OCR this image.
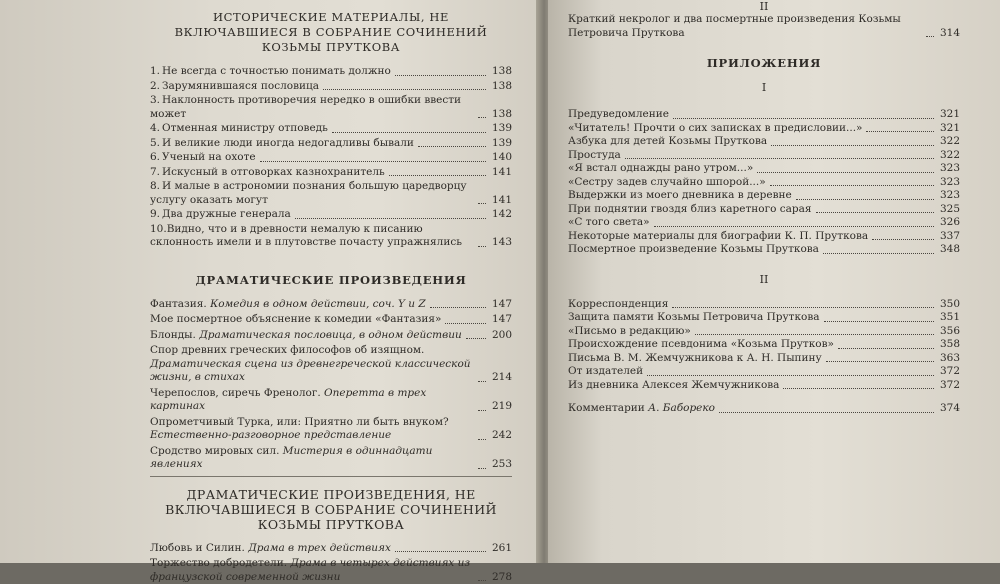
ИСТОРИЧЕСКИЕ МАТЕРИАЛЫ, НЕ ВКЛЮЧАВШИЕСЯ В СОБРАНИЕ СОЧИНЕНИЙ КОЗЬМЫ ПРУТКОВА
1.Не всегда с точностью понимать должно	138
2.Зарумянившаяся пословица	138
3.Наклонность противоречия нередко в ошибки ввести может	138
4.Отменная министру отповедь	139
5.И великие люди иногда недогадливы бывали	139
6.Ученый на охоте	140
7.Искусный в отговорках казнохранитель	141
8.И малые в астрономии познания большую царедворцу услугу оказать могут	141
9.Два дружные генерала	142
10.Видно, что и в древности немалую к писанию склонность имели и в плутовстве почасту упражнялись	143
ДРАМАТИЧЕСКИЕ ПРОИЗВЕДЕНИЯ
Фантазия. Комедия в одном действии, соч. Y и Z	147
Мое посмертное объяснение к комедии «Фантазия»	147
Блонды. Драматическая пословица, в одном действии	200
Спор древних греческих философов об изящном. Драматическая сцена из древнегреческой классической жизни, в стихах	214
Черепослов, сиречь Френолог. Оперетта в трех картинах	219
Опрометчивый Турка, или: Приятно ли быть внуком? Естественно-разговорное представление	242
Сродство мировых сил. Мистерия в одиннадцати явлениях	253
ДРАМАТИЧЕСКИЕ ПРОИЗВЕДЕНИЯ, НЕ ВКЛЮЧАВШИЕСЯ В СОБРАНИЕ СОЧИНЕНИЙ КОЗЬМЫ ПРУТКОВА
Любовь и Силин. Драма в трех действиях	261
Торжество добродетели. Драма в четырех действиях из французской современной жизни	278
II
Краткий некролог и два посмертные произведения Козьмы Петровича Пруткова	314
ПРИЛОЖЕНИЯ
I
Предуведомление	321
«Читатель! Прочти о сих записках в предисловии...»	321
Азбука для детей Козьмы Пруткова	322
Простуда	322
«Я встал однажды рано утром...»	323
«Сестру задев случайно шпорой...»	323
Выдержки из моего дневника в деревне	323
При поднятии гвоздя близ каретного сарая	325
«С того света»	326
Некоторые материалы для биографии К. П. Пруткова	337
Посмертное произведение Козьмы Пруткова	348
II
Корреспонденция	350
Защита памяти Козьмы Петровича Пруткова	351
«Письмо в редакцию»	356
Происхождение псевдонима «Козьма Прутков»	358
Письма В. М. Жемчужникова к А. Н. Пыпину	363
От издателей	372
Из дневника Алексея Жемчужникова	372
Комментарии А. Бабореко	374
